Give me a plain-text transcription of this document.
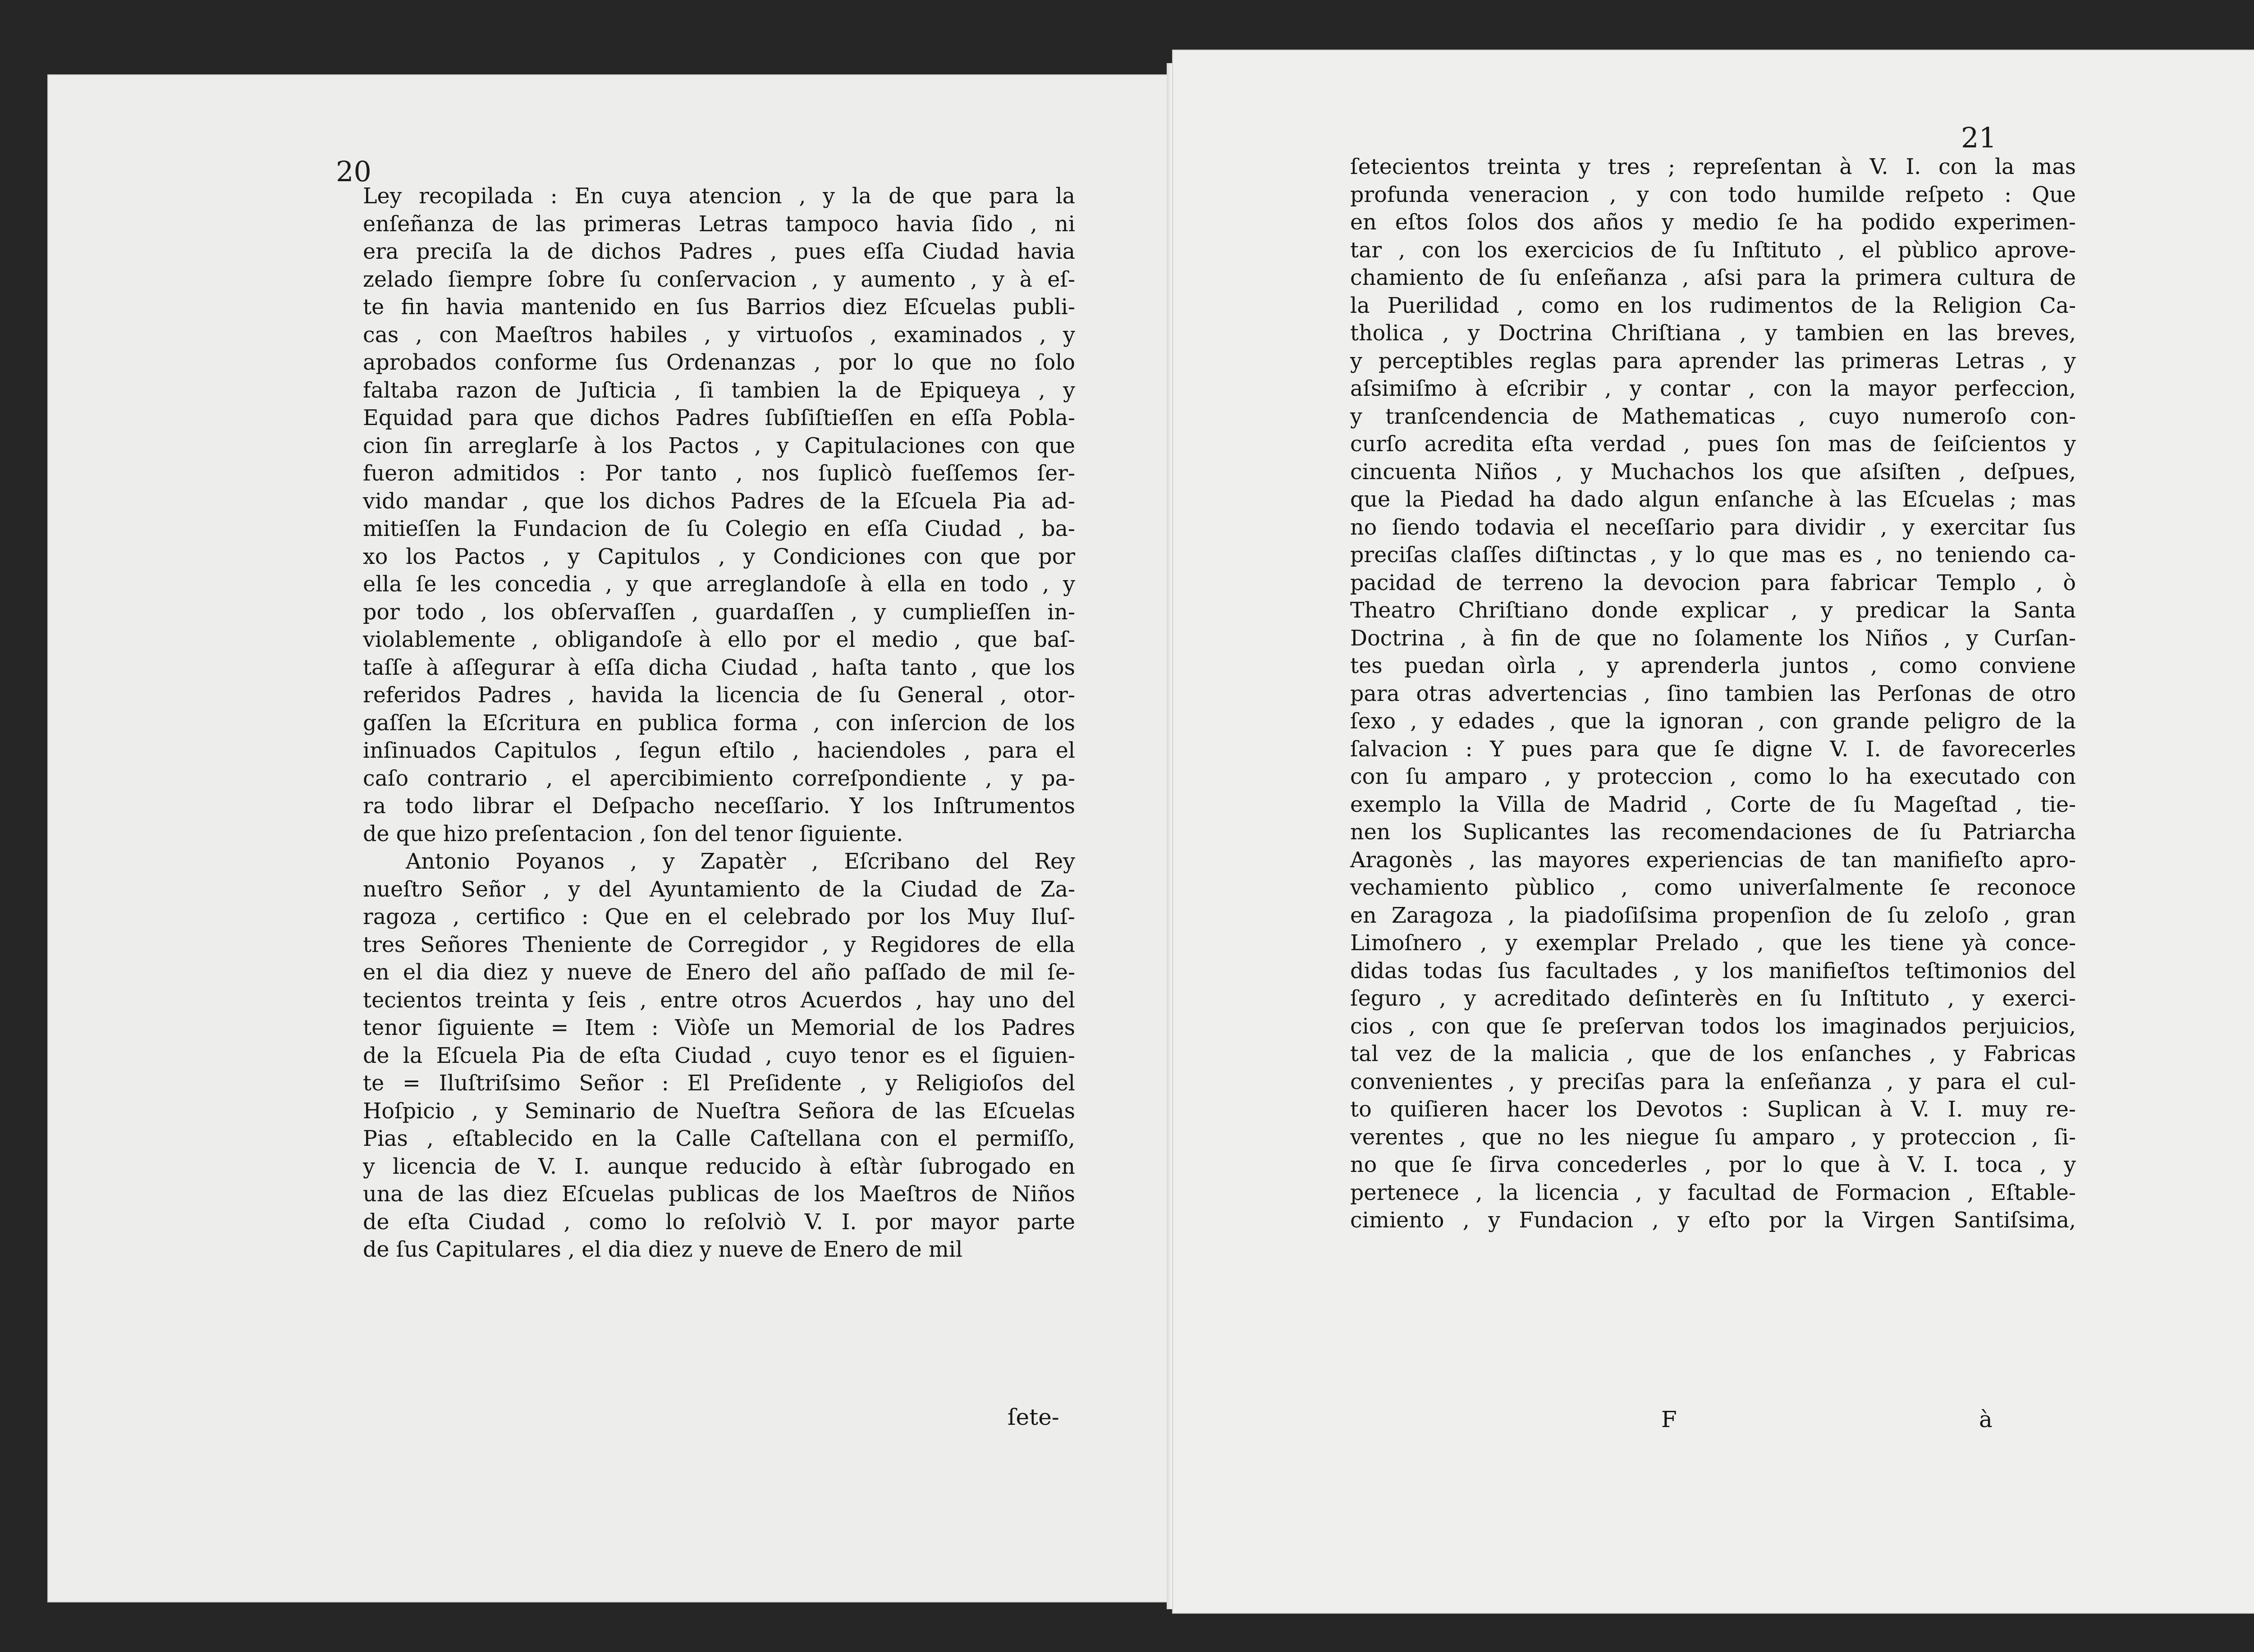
20
Ley recopilada : En cuya atencion , y la de que para la
enſeñanza de las primeras Letras tampoco havia ſido , ni
era preciſa la de dichos Padres , pues eſſa Ciudad havia
zelado ſiempre ſobre ſu conſervacion , y aumento , y à eſ-
te fin havia mantenido en ſus Barrios diez Eſcuelas publi-
cas , con Maeſtros habiles , y virtuoſos , examinados , y
aprobados conforme ſus Ordenanzas , por lo que no ſolo
faltaba razon de Juſticia , ſi tambien la de Epiqueya , y
Equidad para que dichos Padres ſubſiſtieſſen en eſſa Pobla-
cion ſin arreglarſe à los Pactos , y Capitulaciones con que
fueron admitidos : Por tanto , nos ſuplicò fueſſemos ſer-
vido mandar , que los dichos Padres de la Eſcuela Pia ad-
mitieſſen la Fundacion de ſu Colegio en eſſa Ciudad , ba-
xo los Pactos , y Capitulos , y Condiciones con que por
ella ſe les concedia , y que arreglandoſe à ella en todo , y
por todo , los obſervaſſen , guardaſſen , y cumplieſſen in-
violablemente , obligandoſe à ello por el medio , que baſ-
taſſe à aſſegurar à eſſa dicha Ciudad , haſta tanto , que los
referidos Padres , havida la licencia de ſu General , otor-
gaſſen la Eſcritura en publica forma , con inſercion de los
inſinuados Capitulos , ſegun eſtilo , haciendoles , para el
caſo contrario , el apercibimiento correſpondiente , y pa-
ra todo librar el Deſpacho neceſſario. Y los Inſtrumentos
de que hizo preſentacion , ſon del tenor ſiguiente.
Antonio Poyanos , y Zapatèr , Eſcribano del Rey
nueſtro Señor , y del Ayuntamiento de la Ciudad de Za-
ragoza , certifico : Que en el celebrado por los Muy Iluſ-
tres Señores Theniente de Corregidor , y Regidores de ella
en el dia diez y nueve de Enero del año paſſado de mil ſe-
tecientos treinta y ſeis , entre otros Acuerdos , hay uno del
tenor ſiguiente = Item : Viòſe un Memorial de los Padres
de la Eſcuela Pia de eſta Ciudad , cuyo tenor es el ſiguien-
te = Iluſtriſsimo Señor : El Preſidente , y Religioſos del
Hoſpicio , y Seminario de Nueſtra Señora de las Eſcuelas
Pias , eſtablecido en la Calle Caſtellana con el permiſſo,
y licencia de V. I. aunque reducido à eſtàr ſubrogado en
una de las diez Eſcuelas publicas de los Maeſtros de Niños
de eſta Ciudad , como lo reſolviò V. I. por mayor parte
de ſus Capitulares , el dia diez y nueve de Enero de mil
ſete-
21
ſetecientos treinta y tres ; repreſentan à V. I. con la mas
profunda veneracion , y con todo humilde reſpeto : Que
en eſtos ſolos dos años y medio ſe ha podido experimen-
tar , con los exercicios de ſu Inſtituto , el pùblico aprove-
chamiento de ſu enſeñanza , aſsi para la primera cultura de
la Puerilidad , como en los rudimentos de la Religion Ca-
tholica , y Doctrina Chriſtiana , y tambien en las breves,
y perceptibles reglas para aprender las primeras Letras , y
aſsimiſmo à eſcribir , y contar , con la mayor perfeccion,
y tranſcendencia de Mathematicas , cuyo numeroſo con-
curſo acredita eſta verdad , pues ſon mas de ſeiſcientos y
cincuenta Niños , y Muchachos los que aſsiſten , deſpues,
que la Piedad ha dado algun enſanche à las Eſcuelas ; mas
no ſiendo todavia el neceſſario para dividir , y exercitar ſus
preciſas claſſes diſtinctas , y lo que mas es , no teniendo ca-
pacidad de terreno la devocion para fabricar Templo , ò
Theatro Chriſtiano donde explicar , y predicar la Santa
Doctrina , à fin de que no ſolamente los Niños , y Curſan-
tes puedan oìrla , y aprenderla juntos , como conviene
para otras advertencias , ſino tambien las Perſonas de otro
ſexo , y edades , que la ignoran , con grande peligro de la
ſalvacion : Y pues para que ſe digne V. I. de favorecerles
con ſu amparo , y proteccion , como lo ha executado con
exemplo la Villa de Madrid , Corte de ſu Mageſtad , tie-
nen los Suplicantes las recomendaciones de ſu Patriarcha
Aragonès , las mayores experiencias de tan manifieſto apro-
vechamiento pùblico , como univerſalmente ſe reconoce
en Zaragoza , la piadoſiſsima propenſion de ſu zeloſo , gran
Limoſnero , y exemplar Prelado , que les tiene yà conce-
didas todas ſus facultades , y los manifieſtos teſtimonios del
ſeguro , y acreditado deſinterès en ſu Inſtituto , y exerci-
cios , con que ſe preſervan todos los imaginados perjuicios,
tal vez de la malicia , que de los enſanches , y Fabricas
convenientes , y preciſas para la enſeñanza , y para el cul-
to quiſieren hacer los Devotos : Suplican à V. I. muy re-
verentes , que no les niegue ſu amparo , y proteccion , ſi-
no que ſe ſirva concederles , por lo que à V. I. toca , y
pertenece , la licencia , y facultad de Formacion , Eſtable-
cimiento , y Fundacion , y eſto por la Virgen Santiſsima,
F	à
